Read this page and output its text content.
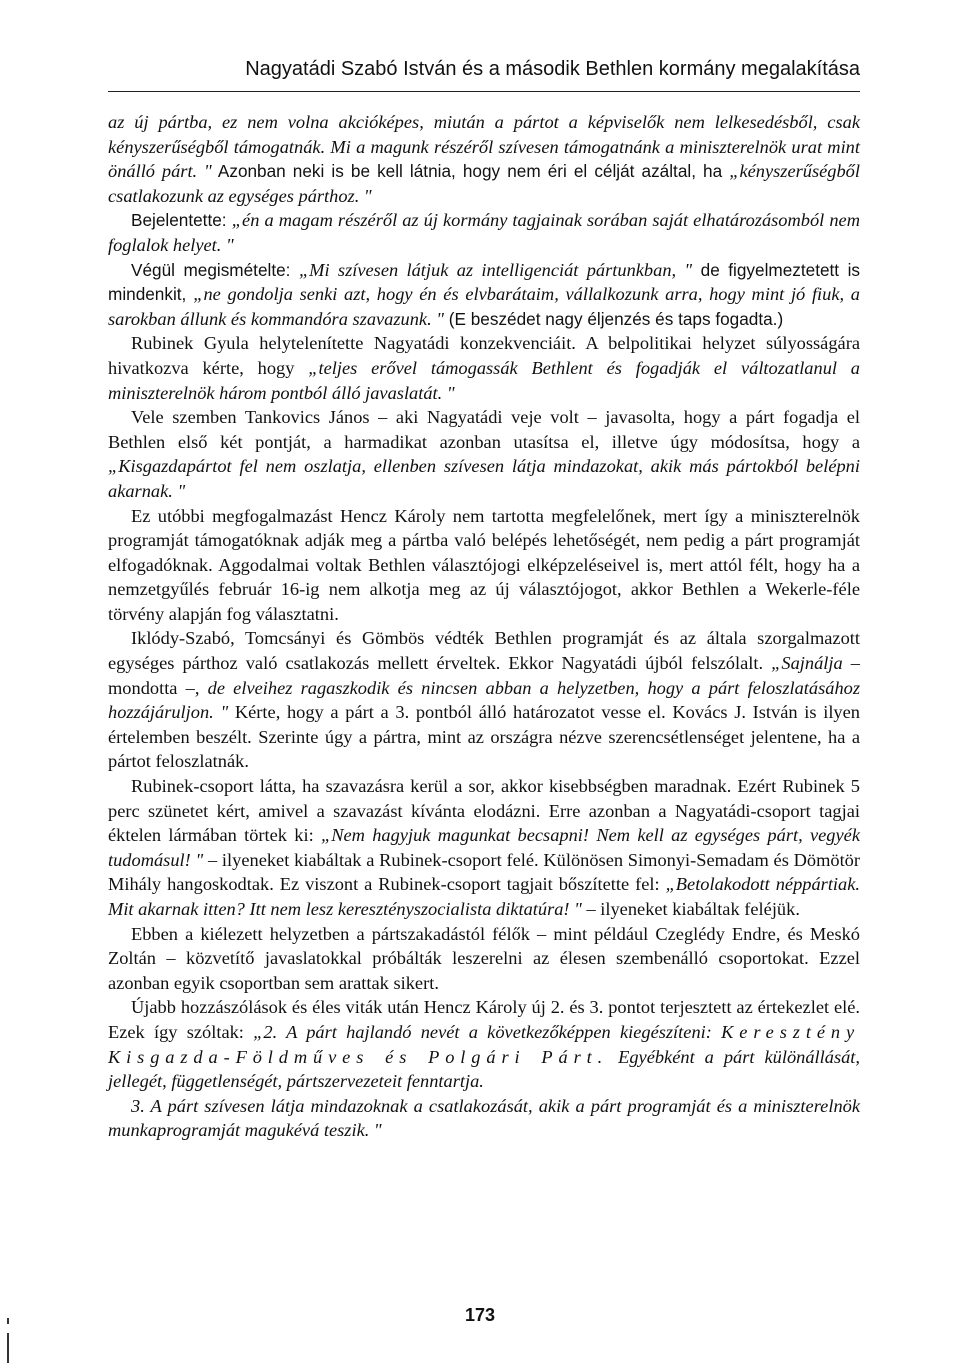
Nagyatádi Szabó István és a második Bethlen kormány megalakítása

az új pártba, ez nem volna akcióképes, miután a pártot a képviselők nem lelkesedésből, csak kényszerűségből támogatnák. Mi a magunk részéről szívesen támogatnánk a miniszterelnök urat mint önálló párt. " Azonban neki is be kell látnia, hogy nem éri el célját azáltal, ha „kényszerűségből csatlakozunk az egységes párthoz. "

Bejelentette: „én a magam részéről az új kormány tagjainak sorában saját elhatározásomból nem foglalok helyet. "

Végül megismételte: „Mi szívesen látjuk az intelligenciát pártunkban, " de figyelmeztetett is mindenkit, „ne gondolja senki azt, hogy én és elvbarátaim, vállalkozunk arra, hogy mint jó fiuk, a sarokban állunk és kommandóra szavazunk. " (E beszédet nagy éljenzés és taps fogadta.)

Rubinek Gyula helytelenítette Nagyatádi konzekvenciáit. A belpolitikai helyzet súlyosságára hivatkozva kérte, hogy „teljes erővel támogassák Bethlent és fogadják el változatlanul a miniszterelnök három pontból álló javaslatát. "

Vele szemben Tankovics János – aki Nagyatádi veje volt – javasolta, hogy a párt fogadja el Bethlen első két pontját, a harmadikat azonban utasítsa el, illetve úgy módosítsa, hogy a „Kisgazdapártot fel nem oszlatja, ellenben szívesen látja mindazokat, akik más pártokból belépni akarnak. "

Ez utóbbi megfogalmazást Hencz Károly nem tartotta megfelelőnek, mert így a miniszterelnök programját támogatóknak adják meg a pártba való belépés lehetőségét, nem pedig a párt programját elfogadóknak. Aggodalmai voltak Bethlen választójogi elképzeléseivel is, mert attól félt, hogy ha a nemzetgyűlés február 16-ig nem alkotja meg az új választójogot, akkor Bethlen a Wekerle-féle törvény alapján fog választatni.

Iklódy-Szabó, Tomcsányi és Gömbös védték Bethlen programját és az általa szorgalmazott egységes párthoz való csatlakozás mellett érveltek. Ekkor Nagyatádi újból felszólalt. „Sajnálja – mondotta –, de elveihez ragaszkodik és nincsen abban a helyzetben, hogy a párt feloszlatásához hozzájáruljon. " Kérte, hogy a párt a 3. pontból álló határozatot vesse el. Kovács J. István is ilyen értelemben beszélt. Szerinte úgy a pártra, mint az országra nézve szerencsétlenséget jelentene, ha a pártot feloszlatnák.

Rubinek-csoport látta, ha szavazásra kerül a sor, akkor kisebbségben maradnak. Ezért Rubinek 5 perc szünetet kért, amivel a szavazást kívánta elodázni. Erre azonban a Nagyatádi-csoport tagjai éktelen lármában törtek ki: „Nem hagyjuk magunkat becsapni! Nem kell az egységes párt, vegyék tudomásul! " – ilyeneket kiabáltak a Rubinek-csoport felé. Különösen Simonyi-Semadam és Dömötör Mihály hangoskodtak. Ez viszont a Rubinek-csoport tagjait bőszítette fel: „Betolakodott néppártiak. Mit akarnak itten? Itt nem lesz keresztényszocialista diktatúra! " – ilyeneket kiabáltak feléjük.

Ebben a kiélezett helyzetben a pártszakadástól félők – mint például Czeglédy Endre, és Meskó Zoltán – közvetítő javaslatokkal próbálták leszerelni az élesen szembenálló csoportokat. Ezzel azonban egyik csoportban sem arattak sikert.

Újabb hozzászólások és éles viták után Hencz Károly új 2. és 3. pontot terjesztett az értekezlet elé. Ezek így szóltak: „2. A párt hajlandó nevét a következőképpen kiegészíteni: Keresztény Kisgazda-Földműves és Polgári Párt. Egyébként a párt különállását, jellegét, függetlenségét, pártszervezeteit fenntartja.

3. A párt szívesen látja mindazoknak a csatlakozását, akik a párt programját és a miniszterelnök munkaprogramját magukévá teszik. "

173
